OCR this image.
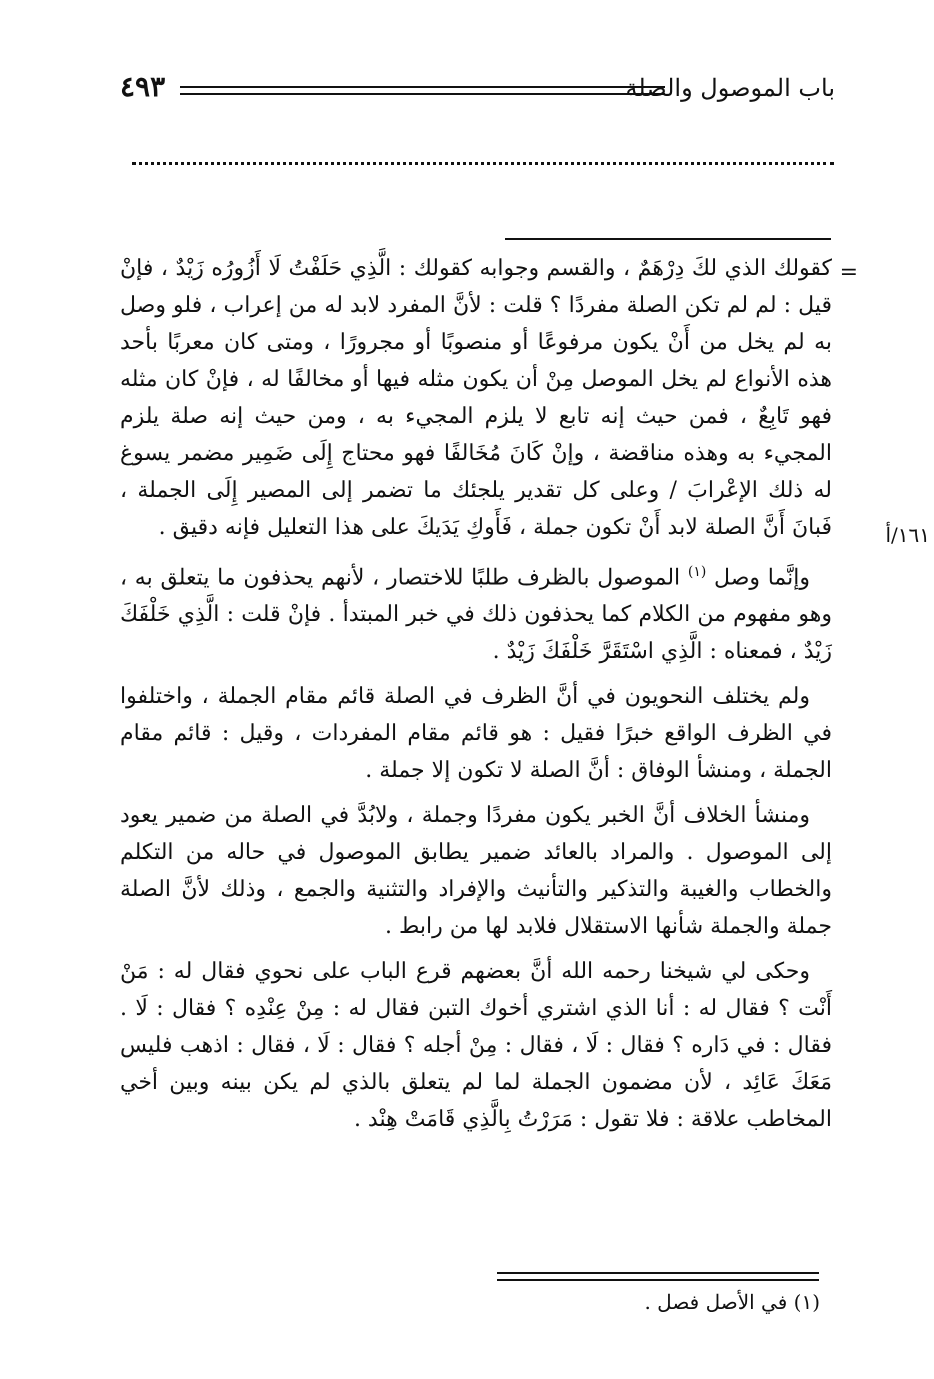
٤٩٣	باب الموصول والصلة
=
١٦١/أ

كقولك الذي لكَ دِرْهَمٌ ، والقسم وجوابه كقولك : الَّذِي حَلَفْتُ لَا أَزُورُه زَيْدٌ ، فإنْ قيل : لم لم تكن الصلة مفردًا ؟ قلت : لأنَّ المفرد لابد له من إعراب ، فلو وصل به لم يخل من أَنْ يكون مرفوعًا أو منصوبًا أو مجرورًا ، ومتى كان معربًا بأحد هذه الأنواع لم يخل الموصل مِنْ أن يكون مثله فيها أو مخالفًا له ، فإنْ كان مثله فهو تَابِعٌ ، فمن حيث إنه تابع لا يلزم المجيء به ، ومن حيث إنه صلة يلزم المجيء به وهذه مناقضة ، وإنْ كَانَ مُخَالفًا فهو محتاج إِلَى ضَمِير مضمر يسوغ له ذلك الإعْرابَ / وعلى كل تقدير يلجئك ما تضمر إلى المصير إِلَى الجملة ، فَبانَ أَنَّ الصلة لابد أَنْ تكون جملة ، فَأَوكِ يَدَيكَ على هذا التعليل فإنه دقيق .

وإنَّما وصل $^{(١)}$ الموصول بالظرف طلبًا للاختصار ، لأنهم يحذفون ما يتعلق به ، وهو مفهوم من الكلام كما يحذفون ذلك في خبر المبتدأ . فإنْ قلت : الَّذِي خَلْفَكَ زَيْدٌ ، فمعناه : الَّذِي اسْتَقَرَّ خَلْفَكَ زَيْدٌ .

ولم يختلف النحويون في أنَّ الظرف في الصلة قائم مقام الجملة ، واختلفوا في الظرف الواقع خبرًا فقيل : هو قائم مقام المفردات ، وقيل : قائم مقام الجملة ، ومنشأ الوفاق : أنَّ الصلة لا تكون إلا جملة .

ومنشأ الخلاف أنَّ الخبر يكون مفردًا وجملة ، ولابُدَّ في الصلة من ضمير يعود إلى الموصول . والمراد بالعائد ضمير يطابق الموصول في حاله من التكلم والخطاب والغيبة والتذكير والتأنيث والإفراد والتثنية والجمع ، وذلك لأنَّ الصلة جملة والجملة شأنها الاستقلال فلابد لها من رابط .

وحكى لي شيخنا رحمه الله أنَّ بعضهم قرع الباب على نحوي فقال له : مَنْ أَنْت ؟ فقال له : أنا الذي اشتري أخوك التبن فقال له : مِنْ عِنْدِه ؟ فقال : لَا . فقال : في دَاره ؟ فقال : لَا ، فقال : مِنْ أجله ؟ فقال : لَا ، فقال : اذهب فليس مَعَكَ عَائِد ، لأن مضمون الجملة لما لم يتعلق بالذي لم يكن بينه وبين أخي المخاطب علاقة : فلا تقول : مَرَرْتُ بِالَّذِي قَامَتْ هِنْد .

(١) في الأصل فصل .
